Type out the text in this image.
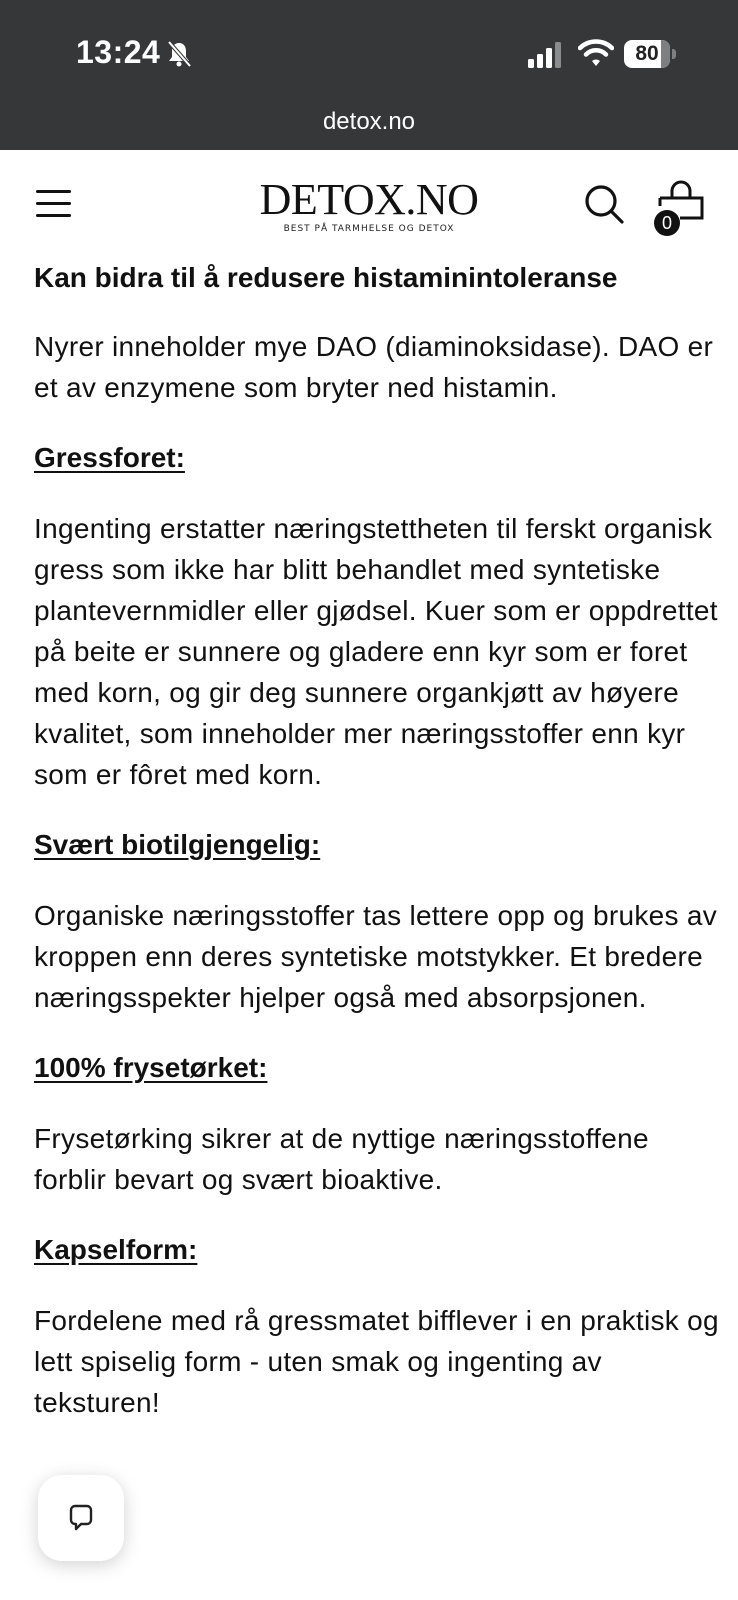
13:24	80
detox.no
DETOX.NO
BEST PÅ TARMHELSE OG DETOX	0
Kan bidra til å redusere histaminintoleranse

Nyrer inneholder mye DAO (diaminoksidase). DAO er et av enzymene som bryter ned histamin.

Gressforet:

Ingenting erstatter næringstettheten til ferskt organisk gress som ikke har blitt behandlet med syntetiske plantevernmidler eller gjødsel. Kuer som er oppdrettet på beite er sunnere og gladere enn kyr som er foret med korn, og gir deg sunnere organkjøtt av høyere kvalitet, som inneholder mer næringsstoffer enn kyr som er fôret med korn.

Svært biotilgjengelig:

Organiske næringsstoffer tas lettere opp og brukes av kroppen enn deres syntetiske motstykker. Et bredere næringsspekter hjelper også med absorpsjonen.

100% frysetørket:

Frysetørking sikrer at de nyttige næringsstoffene forblir bevart og svært bioaktive.

Kapselform:

Fordelene med rå gressmatet bifflever i en praktisk og lett spiselig form - uten smak og ingenting av teksturen!
